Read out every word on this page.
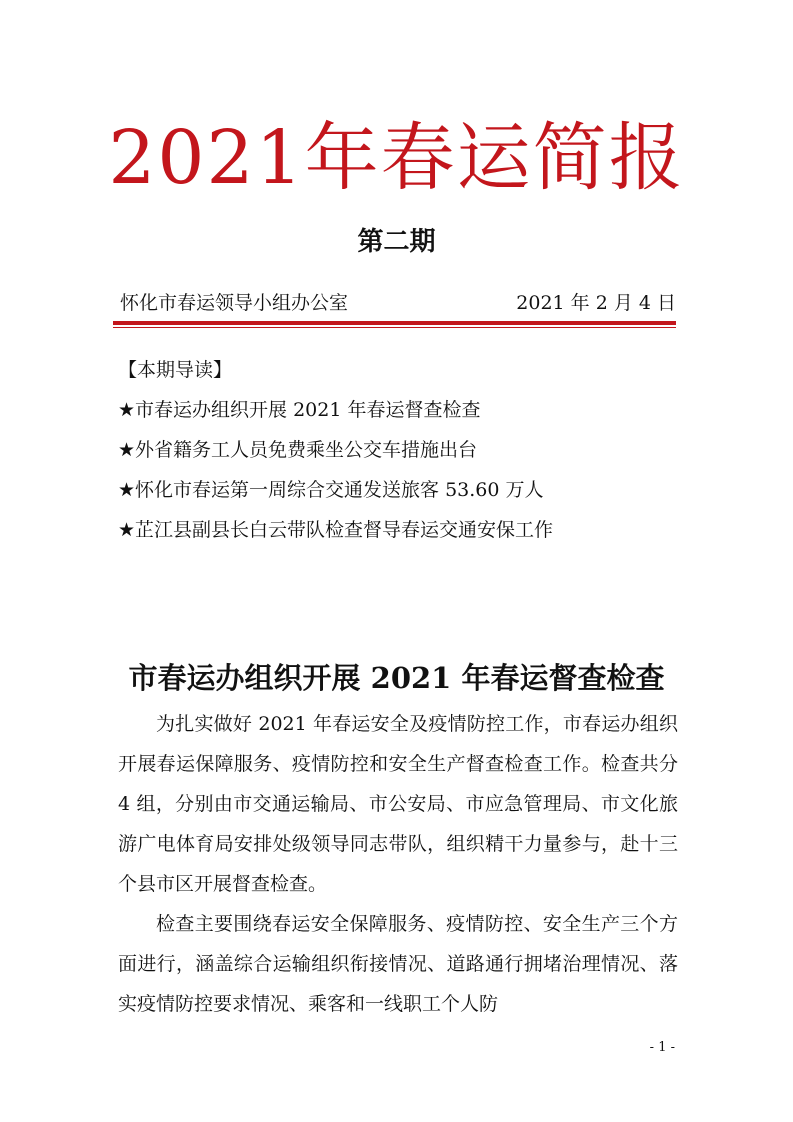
2021年春运简报
第二期
怀化市春运领导小组办公室	2021 年 2 月 4 日
【本期导读】
★市春运办组织开展 2021 年春运督查检查
★外省籍务工人员免费乘坐公交车措施出台
★怀化市春运第一周综合交通发送旅客 53.60 万人
★芷江县副县长白云带队检查督导春运交通安保工作
市春运办组织开展 2021 年春运督查检查

为扎实做好 2021 年春运安全及疫情防控工作，市春运办组织开展春运保障服务、疫情防控和安全生产督查检查工作。检查共分 4 组，分别由市交通运输局、市公安局、市应急管理局、市文化旅游广电体育局安排处级领导同志带队，组织精干力量参与，赴十三个县市区开展督查检查。

检查主要围绕春运安全保障服务、疫情防控、安全生产三个方面进行，涵盖综合运输组织衔接情况、道路通行拥堵治理情况、落实疫情防控要求情况、乘客和一线职工个人防

- 1 -
